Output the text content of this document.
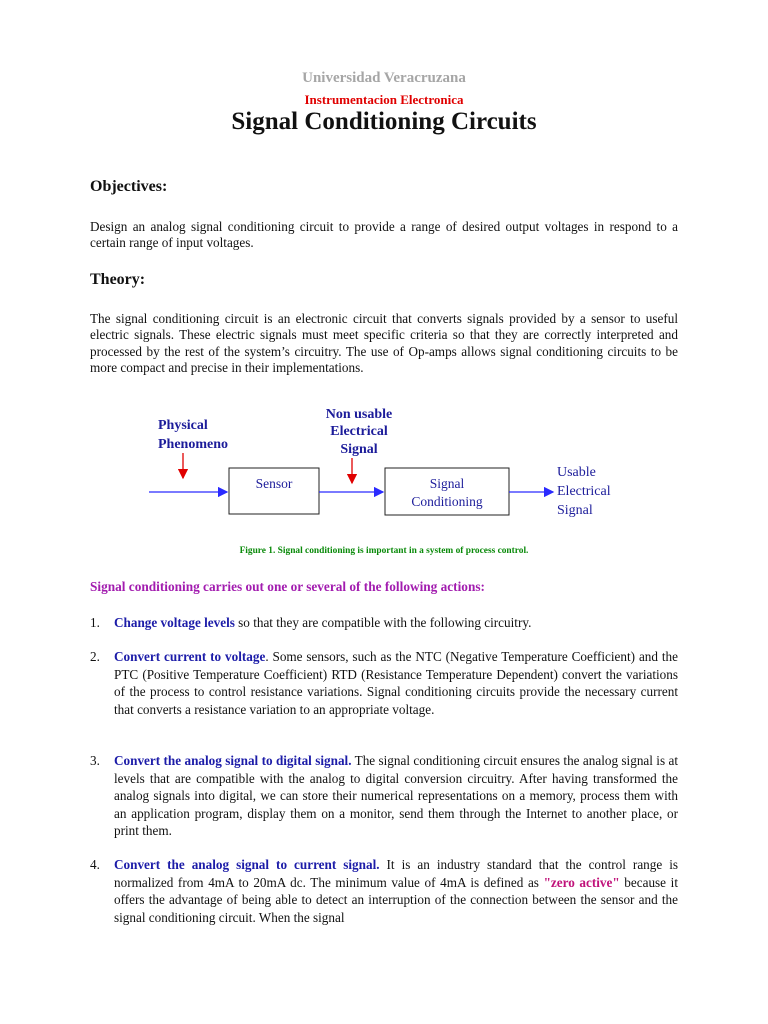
Universidad Veracruzana
Instrumentacion Electronica
Signal Conditioning Circuits
Objectives:
Design an analog signal conditioning circuit to provide a range of desired output voltages in respond to a certain range of input voltages.
Theory:
The signal conditioning circuit is an electronic circuit that converts signals provided by a sensor to useful electric signals. These electric signals must meet specific criteria so that they are correctly interpreted and processed by the rest of the system’s circuitry. The use of Op-amps allows signal conditioning circuits to be more compact and precise in their implementations.
Figure 1. Signal conditioning is important in a system of process control.
Signal conditioning carries out one or several of the following actions:
1.	Change voltage levels so that they are compatible with the following circuitry.
2.	Convert current to voltage. Some sensors, such as the NTC (Negative Temperature Coefficient) and the PTC (Positive Temperature Coefficient) RTD (Resistance Temperature Dependent) convert the variations of the process to control resistance variations. Signal conditioning circuits provide the necessary current that converts a resistance variation to an appropriate voltage.
3.	Convert the analog signal to digital signal. The signal conditioning circuit ensures the analog signal is at levels that are compatible with the analog to digital conversion circuitry. After having transformed the analog signals into digital, we can store their numerical representations on a memory, process them with an application program, display them on a monitor, send them through the Internet to another place, or print them.
4.	Convert the analog signal to current signal. It is an industry standard that the control range is normalized from 4mA to 20mA dc. The minimum value of 4mA is defined as "zero active" because it offers the advantage of being able to detect an interruption of the connection between the sensor and the signal conditioning circuit. When the signal
Physical
Phenomeno
Non usable
Electrical
Signal
Sensor	Signal
Conditioning
Usable
Electrical
Signal
